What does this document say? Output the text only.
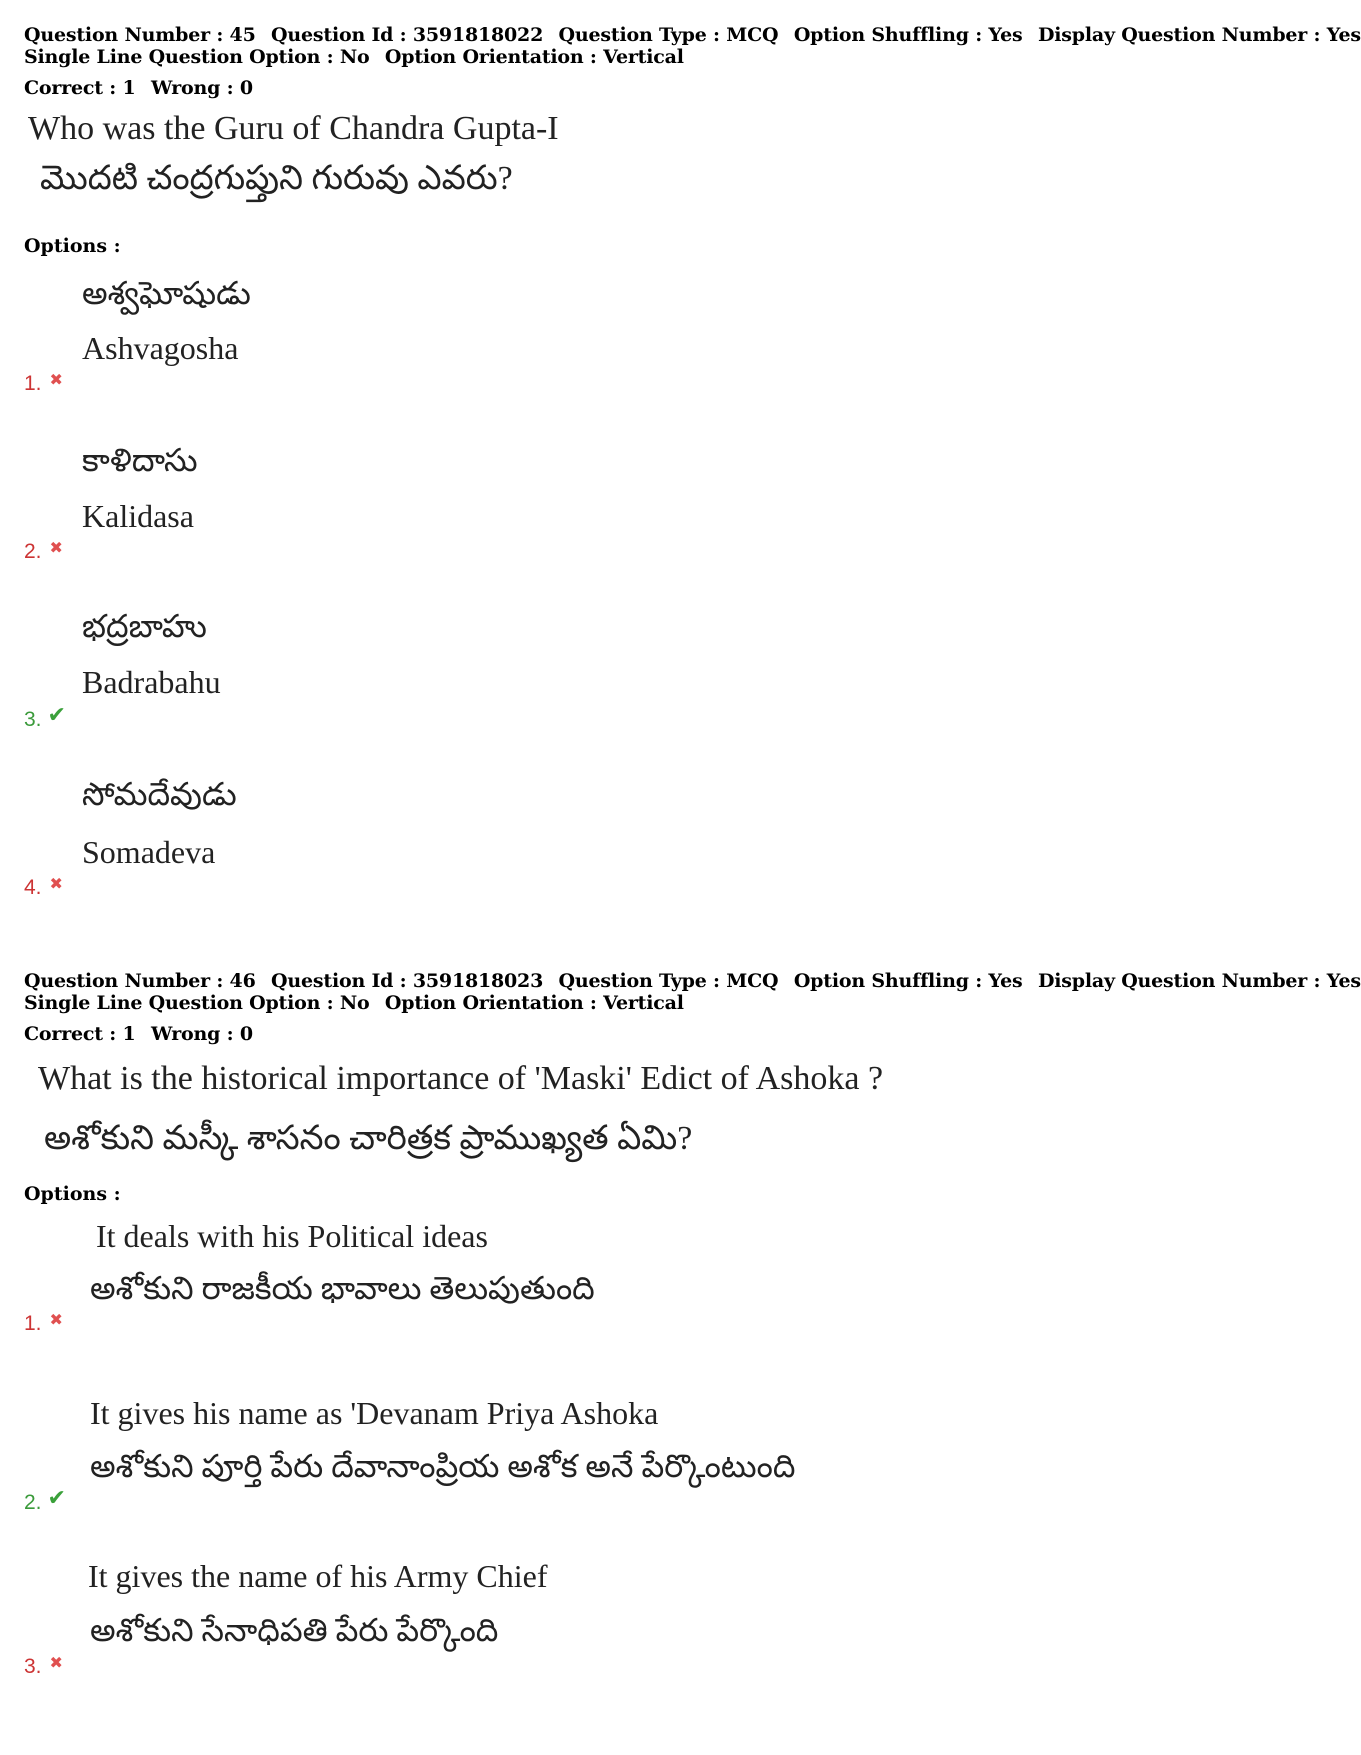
Question Number : 45 Question Id : 3591818022 Question Type : MCQ Option Shuffling : Yes Display Question Number : Yes
Single Line Question Option : No Option Orientation : Vertical
Correct : 1 Wrong : 0
Who was the Guru of Chandra Gupta-I
మొదటి చంద్రగుప్తుని గురువు ఎవరు?
Options :
అశ్వఘోషుడు
Ashvagosha
1. ✖
కాళిదాసు
Kalidasa
2. ✖
భద్రబాహు
Badrabahu
3. ✔
సోమదేవుడు
Somadeva
4. ✖
Question Number : 46 Question Id : 3591818023 Question Type : MCQ Option Shuffling : Yes Display Question Number : Yes
Single Line Question Option : No Option Orientation : Vertical
Correct : 1 Wrong : 0
What is the historical importance of 'Maski' Edict of Ashoka ?
అశోకుని మస్కీ శాసనం చారిత్రక ప్రాముఖ్యత ఏమి?
Options :
It deals with his Political ideas
అశోకుని రాజకీయ భావాలు తెలుపుతుంది
1. ✖
It gives his name as 'Devanam Priya Ashoka
అశోకుని పూర్తి పేరు దేవానాంప్రియ అశోక అనే పేర్కొంటుంది
2. ✔
It gives the name of his Army Chief
అశోకుని సేనాధిపతి పేరు పేర్కొంది
3. ✖
